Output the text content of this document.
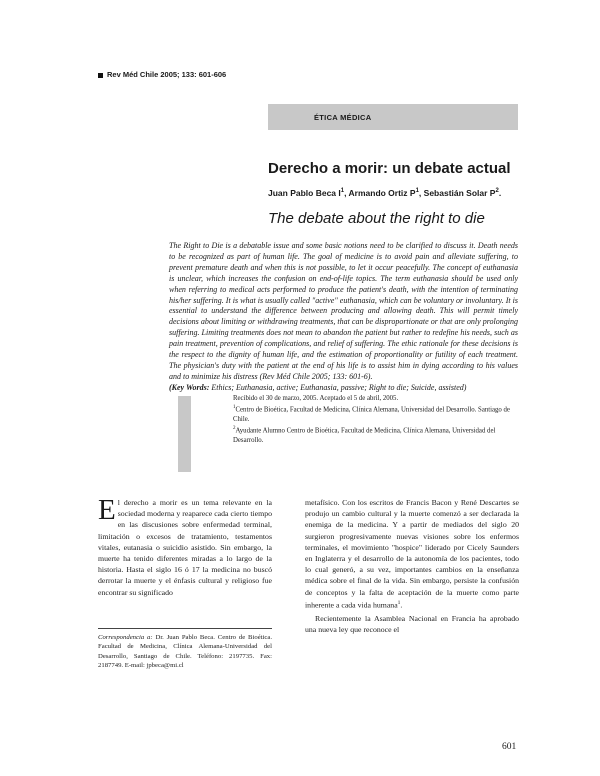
Rev Méd Chile 2005; 133: 601-606
ÉTICA MÉDICA
Derecho a morir: un debate actual
Juan Pablo Beca $I^1$, Armando Ortiz $P^1$, Sebastián Solar $P^2$.
The debate about the right to die
The Right to Die is a debatable issue and some basic notions need to be clarified to discuss it. Death needs to be recognized as part of human life. The goal of medicine is to avoid pain and alleviate suffering, to prevent premature death and when this is not possible, to let it occur peacefully. The concept of euthanasia is unclear, which increases the confusion on end-of-life topics. The term euthanasia should be used only when referring to medical acts performed to produce the patient's death, with the intention of terminating his/her suffering. It is what is usually called "active" euthanasia, which can be voluntary or involuntary. It is essential to understand the difference between producing and allowing death. This will permit timely decisions about limiting or withdrawing treatments, that can be disproportionate or that are only prolonging suffering. Limiting treatments does not mean to abandon the patient but rather to redefine his needs, such as pain treatment, prevention of complications, and relief of suffering. The ethic rationale for these decisions is the respect to the dignity of human life, and the estimation of proportionality or futility of each treatment. The physician's duty with the patient at the end of his life is to assist him in dying according to his values and to minimize his distress (Rev Méd Chile 2005; 133: 601-6).
(Key Words: Ethics; Euthanasia, active; Euthanasia, passive; Right to die; Suicide, assisted)
Recibido el 30 de marzo, 2005. Aceptado el 5 de abril, 2005.
$^1$Centro de Bioética, Facultad de Medicina, Clínica Alemana, Universidad del Desarrollo. Santiago de Chile.
$^2$Ayudante Alumno Centro de Bioética, Facultad de Medicina, Clínica Alemana, Universidad del Desarrollo.
El derecho a morir es un tema relevante en la sociedad moderna y reaparece cada cierto tiempo en las discusiones sobre enfermedad terminal, limitación o excesos de tratamiento, testamentos vitales, eutanasia o suicidio asistido. Sin embargo, la muerte ha tenido diferentes miradas a lo largo de la historia. Hasta el siglo 16 ó 17 la medicina no buscó derrotar la muerte y el énfasis cultural y religioso fue encontrar su significado
Correspondencia a: Dr. Juan Pablo Beca. Centro de Bioética. Facultad de Medicina, Clínica Alemana-Universidad del Desarrollo, Santiago de Chile. Teléfono: 2197735. Fax: 2187749. E-mail: jpbeca@mi.cl
metafísico. Con los escritos de Francis Bacon y René Descartes se produjo un cambio cultural y la muerte comenzó a ser declarada la enemiga de la medicina. Y a partir de mediados del siglo 20 surgieron progresivamente nuevas visiones sobre los enfermos terminales, el movimiento "hospice" liderado por Cicely Saunders en Inglaterra y el desarrollo de la autonomía de los pacientes, todo lo cual generó, a su vez, importantes cambios en la enseñanza médica sobre el final de la vida. Sin embargo, persiste la confusión de conceptos y la falta de aceptación de la muerte como parte inherente a cada vida humana$^1$.
Recientemente la Asamblea Nacional en Francia ha aprobado una nueva ley que reconoce el
601
